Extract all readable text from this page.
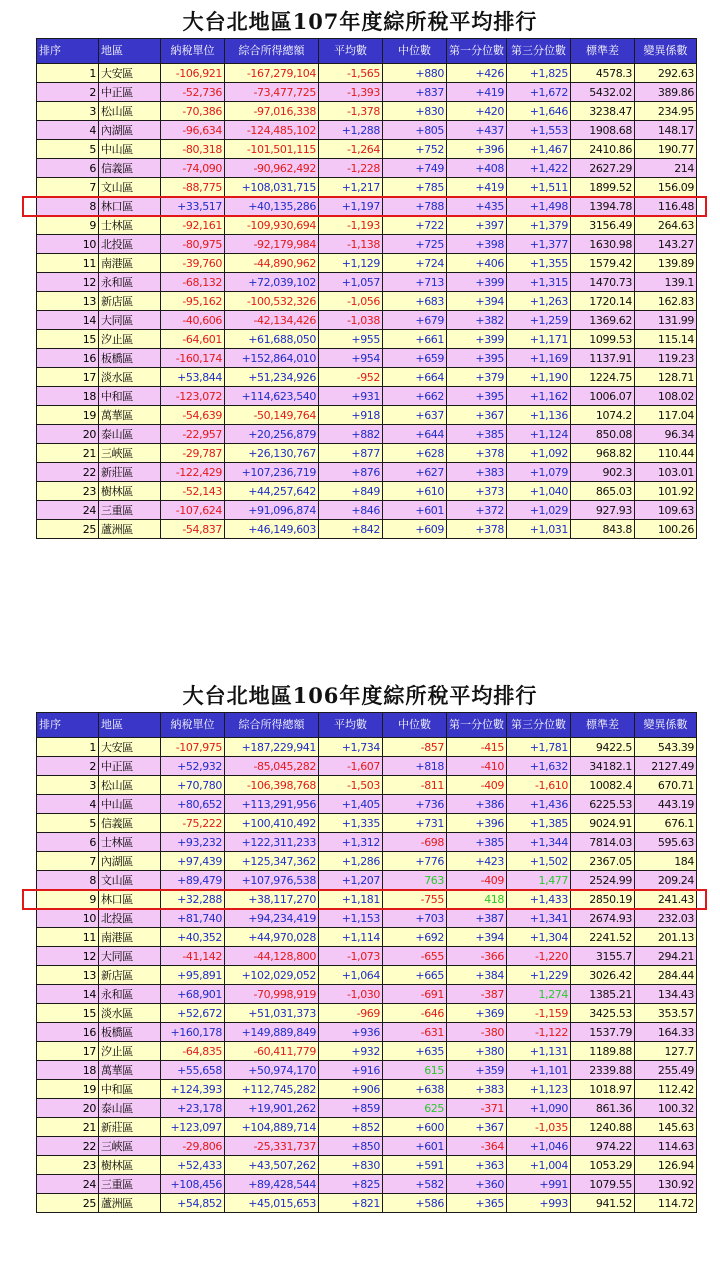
大台北地區107年度綜所稅平均排行
排序	地區	納稅單位	綜合所得總額	平均數	中位數	第一分位數	第三分位數	標準差	變異係數
1	大安區	-106,921	-167,279,104	-1,565	+880	+426	+1,825	4578.3	292.63
2	中正區	-52,736	-73,477,725	-1,393	+837	+419	+1,672	5432.02	389.86
3	松山區	-70,386	-97,016,338	-1,378	+830	+420	+1,646	3238.47	234.95
4	內湖區	-96,634	-124,485,102	+1,288	+805	+437	+1,553	1908.68	148.17
5	中山區	-80,318	-101,501,115	-1,264	+752	+396	+1,467	2410.86	190.77
6	信義區	-74,090	-90,962,492	-1,228	+749	+408	+1,422	2627.29	214
7	文山區	-88,775	+108,031,715	+1,217	+785	+419	+1,511	1899.52	156.09
8	林口區	+33,517	+40,135,286	+1,197	+788	+435	+1,498	1394.78	116.48
9	士林區	-92,161	-109,930,694	-1,193	+722	+397	+1,379	3156.49	264.63
10	北投區	-80,975	-92,179,984	-1,138	+725	+398	+1,377	1630.98	143.27
11	南港區	-39,760	-44,890,962	+1,129	+724	+406	+1,355	1579.42	139.89
12	永和區	-68,132	+72,039,102	+1,057	+713	+399	+1,315	1470.73	139.1
13	新店區	-95,162	-100,532,326	-1,056	+683	+394	+1,263	1720.14	162.83
14	大同區	-40,606	-42,134,426	-1,038	+679	+382	+1,259	1369.62	131.99
15	汐止區	-64,601	+61,688,050	+955	+661	+399	+1,171	1099.53	115.14
16	板橋區	-160,174	+152,864,010	+954	+659	+395	+1,169	1137.91	119.23
17	淡水區	+53,844	+51,234,926	-952	+664	+379	+1,190	1224.75	128.71
18	中和區	-123,072	+114,623,540	+931	+662	+395	+1,162	1006.07	108.02
19	萬華區	-54,639	-50,149,764	+918	+637	+367	+1,136	1074.2	117.04
20	泰山區	-22,957	+20,256,879	+882	+644	+385	+1,124	850.08	96.34
21	三峽區	-29,787	+26,130,767	+877	+628	+378	+1,092	968.82	110.44
22	新莊區	-122,429	+107,236,719	+876	+627	+383	+1,079	902.3	103.01
23	樹林區	-52,143	+44,257,642	+849	+610	+373	+1,040	865.03	101.92
24	三重區	-107,624	+91,096,874	+846	+601	+372	+1,029	927.93	109.63
25	蘆洲區	-54,837	+46,149,603	+842	+609	+378	+1,031	843.8	100.26
大台北地區106年度綜所稅平均排行
排序	地區	納稅單位	綜合所得總額	平均數	中位數	第一分位數	第三分位數	標準差	變異係數
1	大安區	-107,975	+187,229,941	+1,734	-857	-415	+1,781	9422.5	543.39
2	中正區	+52,932	-85,045,282	-1,607	+818	-410	+1,632	34182.1	2127.49
3	松山區	+70,780	-106,398,768	-1,503	-811	-409	-1,610	10082.4	670.71
4	中山區	+80,652	+113,291,956	+1,405	+736	+386	+1,436	6225.53	443.19
5	信義區	-75,222	+100,410,492	+1,335	+731	+396	+1,385	9024.91	676.1
6	士林區	+93,232	+122,311,233	+1,312	-698	+385	+1,344	7814.03	595.63
7	內湖區	+97,439	+125,347,362	+1,286	+776	+423	+1,502	2367.05	184
8	文山區	+89,479	+107,976,538	+1,207	763	-409	1,477	2524.99	209.24
9	林口區	+32,288	+38,117,270	+1,181	-755	418	+1,433	2850.19	241.43
10	北投區	+81,740	+94,234,419	+1,153	+703	+387	+1,341	2674.93	232.03
11	南港區	+40,352	+44,970,028	+1,114	+692	+394	+1,304	2241.52	201.13
12	大同區	-41,142	-44,128,800	-1,073	-655	-366	-1,220	3155.7	294.21
13	新店區	+95,891	+102,029,052	+1,064	+665	+384	+1,229	3026.42	284.44
14	永和區	+68,901	-70,998,919	-1,030	-691	-387	1,274	1385.21	134.43
15	淡水區	+52,672	+51,031,373	-969	-646	+369	-1,159	3425.53	353.57
16	板橋區	+160,178	+149,889,849	+936	-631	-380	-1,122	1537.79	164.33
17	汐止區	-64,835	-60,411,779	+932	+635	+380	+1,131	1189.88	127.7
18	萬華區	+55,658	+50,974,170	+916	615	+359	+1,101	2339.88	255.49
19	中和區	+124,393	+112,745,282	+906	+638	+383	+1,123	1018.97	112.42
20	泰山區	+23,178	+19,901,262	+859	625	-371	+1,090	861.36	100.32
21	新莊區	+123,097	+104,889,714	+852	+600	+367	-1,035	1240.88	145.63
22	三峽區	-29,806	-25,331,737	+850	+601	-364	+1,046	974.22	114.63
23	樹林區	+52,433	+43,507,262	+830	+591	+363	+1,004	1053.29	126.94
24	三重區	+108,456	+89,428,544	+825	+582	+360	+991	1079.55	130.92
25	蘆洲區	+54,852	+45,015,653	+821	+586	+365	+993	941.52	114.72
